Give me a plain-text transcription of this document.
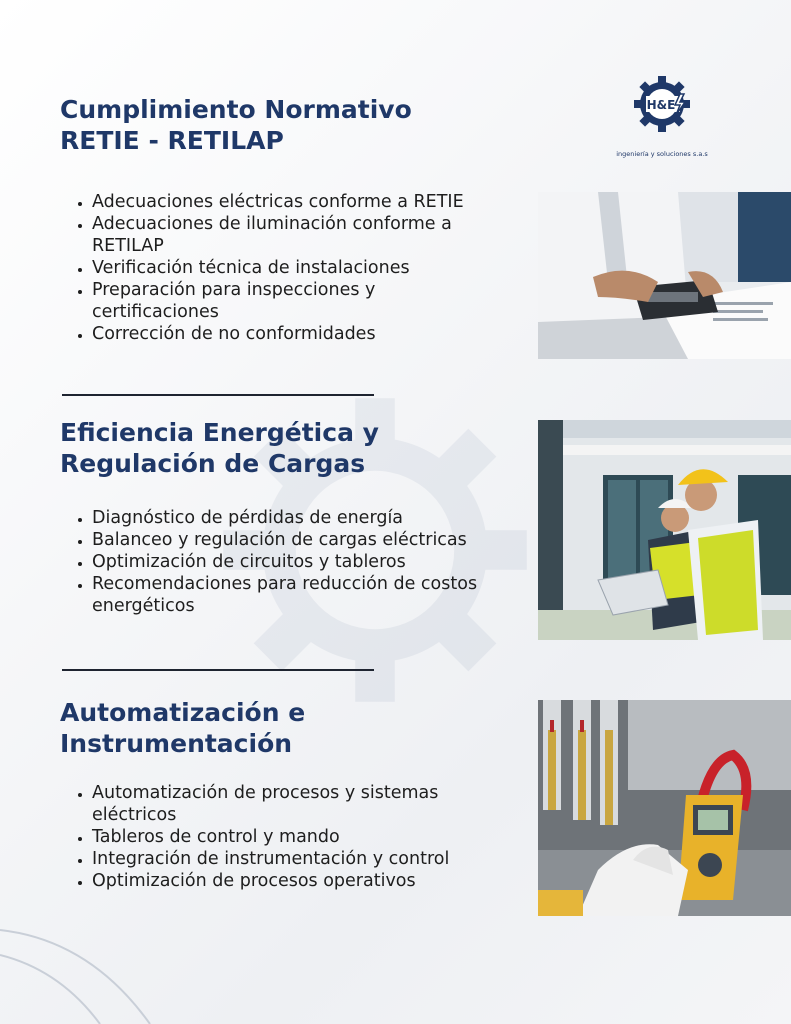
H&E
ingeniería y soluciones s.a.s
Cumplimiento Normativo
RETIE - RETILAP
• Adecuaciones eléctricas conforme a RETIE
• Adecuaciones de iluminación conforme a RETILAP
• Verificación técnica de instalaciones
• Preparación para inspecciones y certificaciones
• Corrección de no conformidades
Eficiencia Energética y
Regulación de Cargas
• Diagnóstico de pérdidas de energía
• Balanceo y regulación de cargas eléctricas
• Optimización de circuitos y tableros
• Recomendaciones para reducción de costos energéticos
Automatización e
Instrumentación
• Automatización de procesos y sistemas eléctricos
• Tableros de control y mando
• Integración de instrumentación y control
• Optimización de procesos operativos
